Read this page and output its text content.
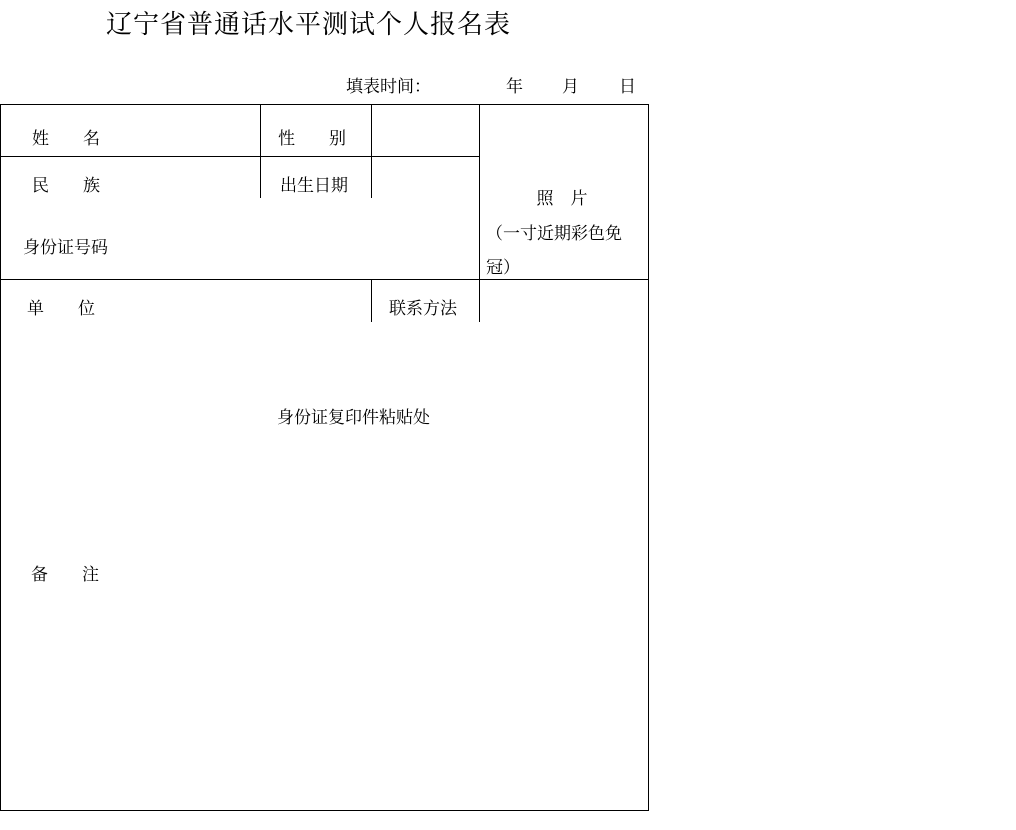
辽宁省普通话水平测试个人报名表
填表时间：	年 月 日
姓　　名	性　　别
民　　族	出生日期
身份证号码
单　　位	联系方法
身份证复印件粘贴处
备　　注
照　片
（一寸近期彩色免冠）
